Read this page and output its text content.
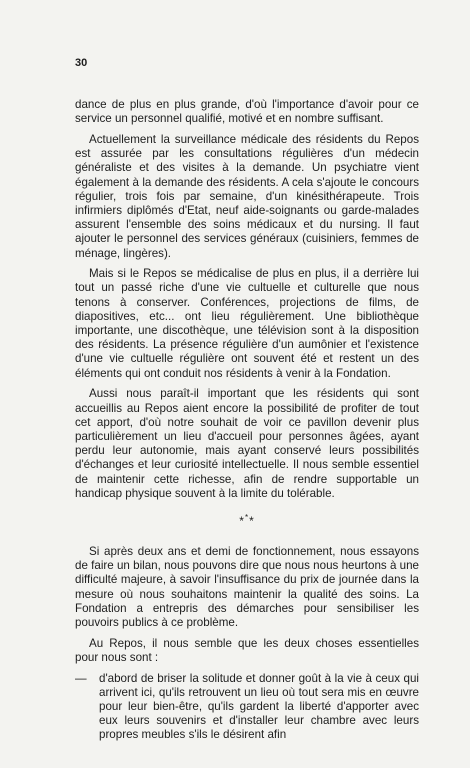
30

dance de plus en plus grande, d'où l'importance d'avoir pour ce service un personnel qualifié, motivé et en nombre suffisant.

Actuellement la surveillance médicale des résidents du Repos est assurée par les consultations régulières d'un médecin généraliste et des visites à la demande. Un psychiatre vient également à la demande des résidents. A cela s'ajoute le concours régulier, trois fois par semaine, d'un kinésithérapeute. Trois infirmiers diplômés d'Etat, neuf aide-soignants ou garde-malades assurent l'ensemble des soins médicaux et du nursing. Il faut ajouter le personnel des services généraux (cuisiniers, femmes de ménage, lingères).

Mais si le Repos se médicalise de plus en plus, il a derrière lui tout un passé riche d'une vie cultuelle et culturelle que nous tenons à conserver. Conférences, projections de films, de diapositives, etc... ont lieu régulièrement. Une bibliothèque importante, une discothèque, une télévision sont à la disposition des résidents. La présence régulière d'un aumônier et l'existence d'une vie cultuelle régulière ont souvent été et restent un des éléments qui ont conduit nos résidents à venir à la Fondation.

Aussi nous paraît-il important que les résidents qui sont accueillis au Repos aient encore la possibilité de profiter de tout cet apport, d'où notre souhait de voir ce pavillon devenir plus particulièrement un lieu d'accueil pour personnes âgées, ayant perdu leur autonomie, mais ayant conservé leurs possibilités d'échanges et leur curiosité intellectuelle. Il nous semble essentiel de maintenir cette richesse, afin de rendre supportable un handicap physique souvent à la limite du tolérable.

***

Si après deux ans et demi de fonctionnement, nous essayons de faire un bilan, nous pouvons dire que nous nous heurtons à une difficulté majeure, à savoir l'insuffisance du prix de journée dans la mesure où nous souhaitons maintenir la qualité des soins. La Fondation a entrepris des démarches pour sensibiliser les pouvoirs publics à ce problème.

Au Repos, il nous semble que les deux choses essentielles pour nous sont :

— d'abord de briser la solitude et donner goût à la vie à ceux qui arrivent ici, qu'ils retrouvent un lieu où tout sera mis en œuvre pour leur bien-être, qu'ils gardent la liberté d'apporter avec eux leurs souvenirs et d'installer leur chambre avec leurs propres meubles s'ils le désirent afin
